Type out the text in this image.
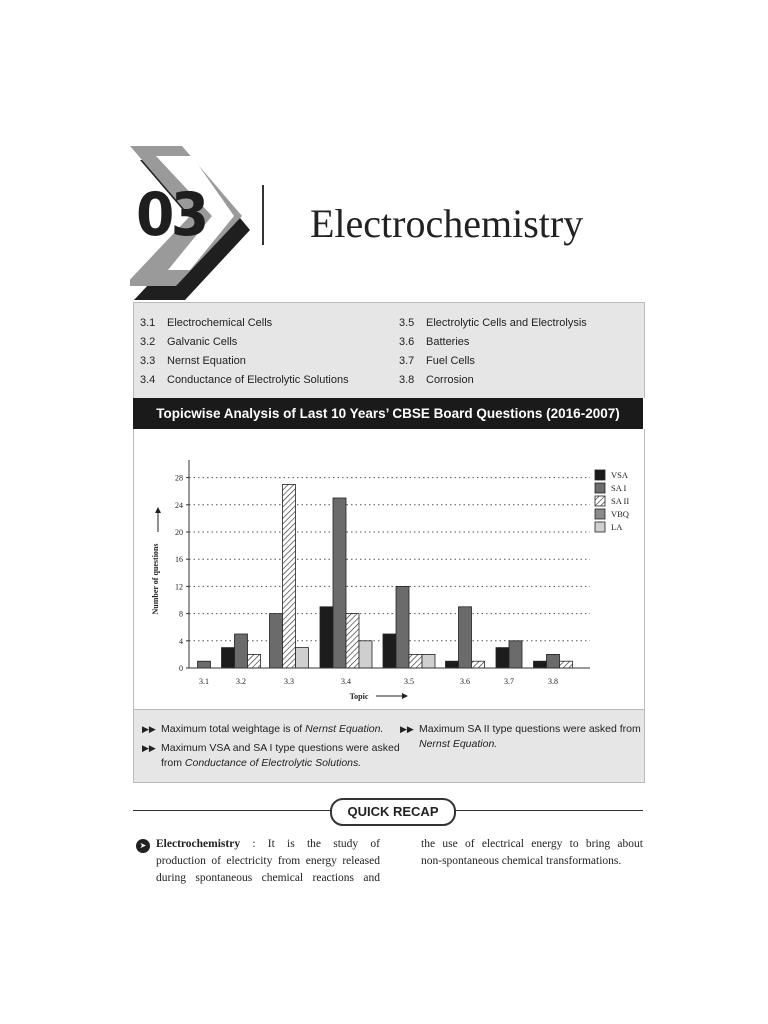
03	Electrochemistry
3.1 Electrochemical Cells
3.2 Galvanic Cells
3.3 Nernst Equation
3.4 Conductance of Electrolytic Solutions
3.5 Electrolytic Cells and Electrolysis
3.6 Batteries
3.7 Fuel Cells
3.8 Corrosion
Topicwise Analysis of Last 10 Years’ CBSE Board Questions (2016-2007)
0
4
8
12
16
20
24
28
3.1	3.2	3.3	3.4	3.5	3.6	3.7	3.8
Topic
Number of questions
VSA
SA I
SA II
VBQ
LA
▶▶ Maximum total weightage is of Nernst Equation.
▶▶ Maximum VSA and SA I type questions were asked
from Conductance of Electrolytic Solutions.
▶▶ Maximum SA II type questions were asked from
Nernst Equation.
QUICK RECAP
➤ Electrochemistry : It is the study of
production of electricity from energy released
during spontaneous chemical reactions and
the use of electrical energy to bring about
non-spontaneous chemical transformations.
